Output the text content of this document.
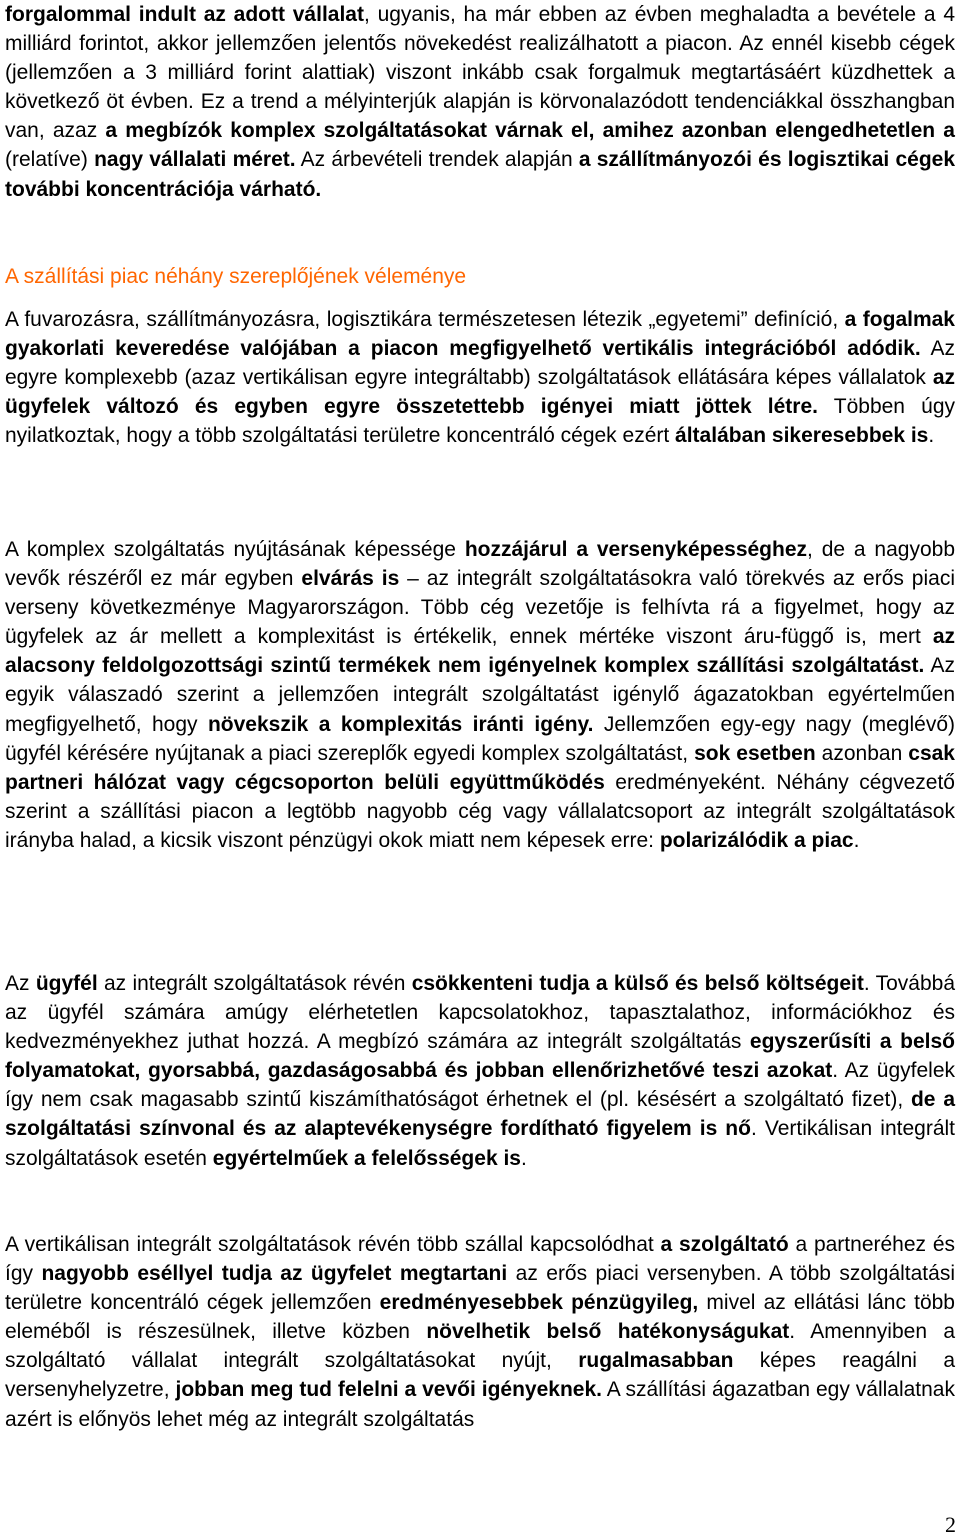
forgalommal indult az adott vállalat, ugyanis, ha már ebben az évben meghaladta a bevétele a 4 milliárd forintot, akkor jellemzően jelentős növekedést realizálhatott a piacon. Az ennél kisebb cégek (jellemzően a 3 milliárd forint alattiak) viszont inkább csak forgalmuk megtartásáért küzdhettek a következő öt évben. Ez a trend a mélyinterjúk alapján is körvonalazódott tendenciákkal összhangban van, azaz a megbízók komplex szolgáltatásokat várnak el, amihez azonban elengedhetetlen a (relatíve) nagy vállalati méret. Az árbevételi trendek alapján a szállítmányozói és logisztikai cégek további koncentrációja várható.

A szállítási piac néhány szereplőjének véleménye

A fuvarozásra, szállítmányozásra, logisztikára természetesen létezik „egyetemi” definíció, a fogalmak gyakorlati keveredése valójában a piacon megfigyelhető vertikális integrációból adódik. Az egyre komplexebb (azaz vertikálisan egyre integráltabb) szolgáltatások ellátására képes vállalatok az ügyfelek változó és egyben egyre összetettebb igényei miatt jöttek létre. Többen úgy nyilatkoztak, hogy a több szolgáltatási területre koncentráló cégek ezért általában sikeresebbek is.

A komplex szolgáltatás nyújtásának képessége hozzájárul a versenyképességhez, de a nagyobb vevők részéről ez már egyben elvárás is – az integrált szolgáltatásokra való törekvés az erős piaci verseny következménye Magyarországon. Több cég vezetője is felhívta rá a figyelmet, hogy az ügyfelek az ár mellett a komplexitást is értékelik, ennek mértéke viszont áru-függő is, mert az alacsony feldolgozottsági szintű termékek nem igényelnek komplex szállítási szolgáltatást. Az egyik válaszadó szerint a jellemzően integrált szolgáltatást igénylő ágazatokban egyértelműen megfigyelhető, hogy növekszik a komplexitás iránti igény. Jellemzően egy-egy nagy (meglévő) ügyfél kérésére nyújtanak a piaci szereplők egyedi komplex szolgáltatást, sok esetben azonban csak partneri hálózat vagy cégcsoporton belüli együttműködés eredményeként. Néhány cégvezető szerint a szállítási piacon a legtöbb nagyobb cég vagy vállalatcsoport az integrált szolgáltatások irányba halad, a kicsik viszont pénzügyi okok miatt nem képesek erre: polarizálódik a piac.

Az ügyfél az integrált szolgáltatások révén csökkenteni tudja a külső és belső költségeit. Továbbá az ügyfél számára amúgy elérhetetlen kapcsolatokhoz, tapasztalathoz, információkhoz és kedvezményekhez juthat hozzá. A megbízó számára az integrált szolgáltatás egyszerűsíti a belső folyamatokat, gyorsabbá, gazdaságosabbá és jobban ellenőrizhetővé teszi azokat. Az ügyfelek így nem csak magasabb szintű kiszámíthatóságot érhetnek el (pl. késésért a szolgáltató fizet), de a szolgáltatási színvonal és az alaptevékenységre fordítható figyelem is nő. Vertikálisan integrált szolgáltatások esetén egyértelműek a felelősségek is.

A vertikálisan integrált szolgáltatások révén több szállal kapcsolódhat a szolgáltató a partneréhez és így nagyobb eséllyel tudja az ügyfelet megtartani az erős piaci versenyben. A több szolgáltatási területre koncentráló cégek jellemzően eredményesebbek pénzügyileg, mivel az ellátási lánc több eleméből is részesülnek, illetve közben növelhetik belső hatékonyságukat. Amennyiben a szolgáltató vállalat integrált szolgáltatásokat nyújt, rugalmasabban képes reagálni a versenyhelyzetre, jobban meg tud felelni a vevői igényeknek. A szállítási ágazatban egy vállalatnak azért is előnyös lehet még az integrált szolgáltatás

2
